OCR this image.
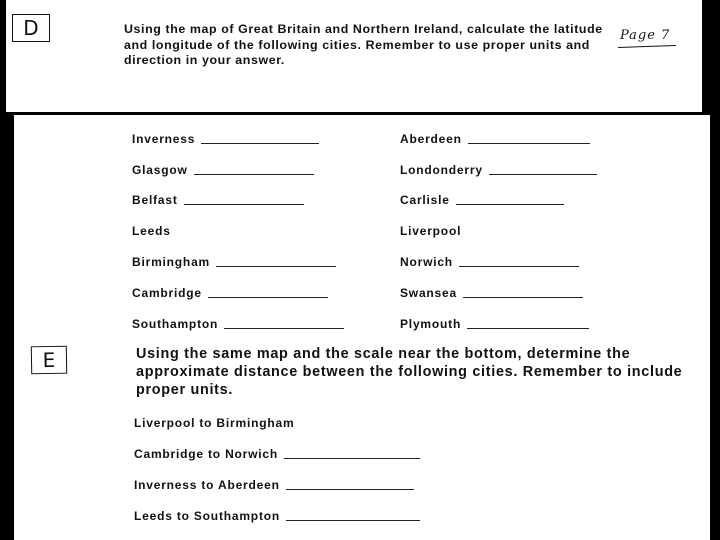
D	Page 7
Using the map of Great Britain and Northern Ireland, calculate the latitude and longitude of the following cities. Remember to use proper units and direction in your answer.
Inverness
Glasgow
Belfast
Leeds
Birmingham
Cambridge
Southampton
Aberdeen
Londonderry
Carlisle
Liverpool
Norwich
Swansea
Plymouth
E	Using the same map and the scale near the bottom, determine the approximate distance between the following cities. Remember to include proper units.
Liverpool to Birmingham
Cambridge to Norwich
Inverness to Aberdeen
Leeds to Southampton
